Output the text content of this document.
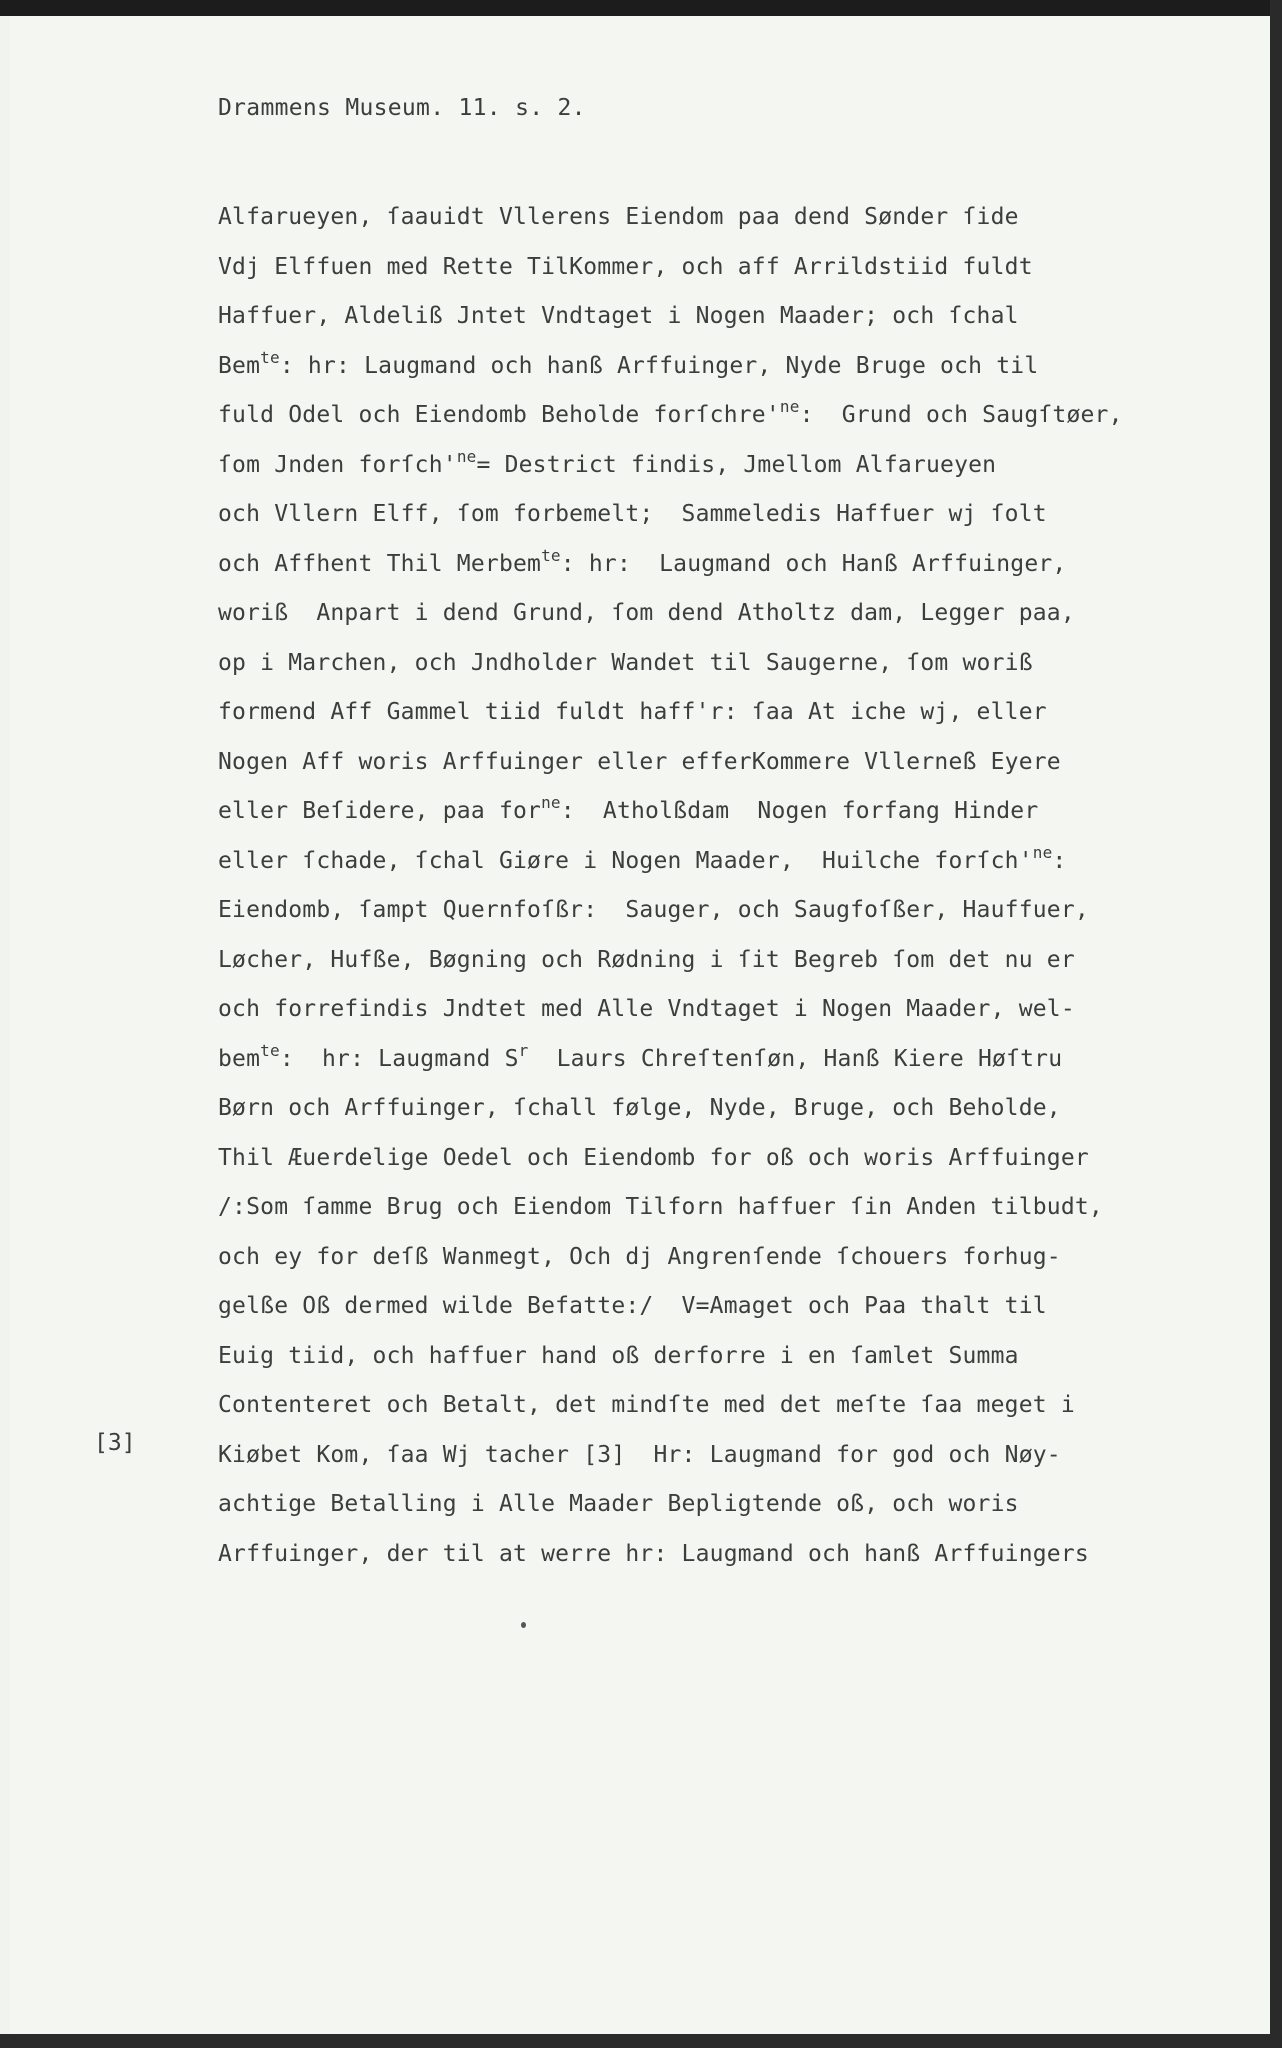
Drammens Museum. 11. s. 2.
[3]
Alfarueyen, ſaauidt Vllerens Eiendom paa dend Sønder ſide
Vdj Elffuen med Rette TilKommer, och aff Arrildstiid fuldt
Haffuer, Aldeliß Jntet Vndtaget i Nogen Maader; och ſchal
Bem$^{te}$: hr: Laugmand och hanß Arffuinger, Nyde Bruge och til
fuld Odel och Eiendomb Beholde $forſchre'^{ne}$:  Grund och Saugſtøer,
ſom Jnden $forſch'^{ne}=$ Destrict findis, Jmellom Alfarueyen
och Vllern Elff, ſom forbemelt;  Sammeledis Haffuer wj ſolt
och Affhent Thil Merbem$^{te}$: hr:  Laugmand och Hanß Arffuinger,
woriß  Anpart i dend Grund, ſom dend Atholtz dam, Legger paa,
op i Marchen, och Jndholder Wandet til Saugerne, ſom woriß
formend Aff Gammel tiid fuldt haff'r: ſaa At iche wj, eller
Nogen Aff woris Arffuinger eller efferKommere Vllerneß Eyere
eller Beſidere, paa for$^{ne}$:  Atholßdam  Nogen forfang Hinder
eller ſchade, ſchal Giøre i Nogen Maader,  Huilche $forſch'^{ne}$:
Eiendomb, ſampt Quernfoſßr:  Sauger, och Saugfoſßer, Hauffuer,
Løcher, Hufße, Bøgning och Rødning i ſit Begreb ſom det nu er
och forrefindis Jndtet med Alle Vndtaget i Nogen Maader, wel-
bem$^{te}$:  hr: Laugmand $S^r$  Laurs Chreſtenſøn, Hanß Kiere Høſtru
Børn och Arffuinger, ſchall følge, Nyde, Bruge, och Beholde,
Thil Æuerdelige Oedel och Eiendomb for oß och woris Arffuinger
/:Som ſamme Brug och Eiendom Tilforn haffuer ſin Anden tilbudt,
och ey for deſß Wanmegt, Och dj Angrenſende ſchouers forhug-
gelße Oß dermed wilde Befatte:/  V=Amaget och Paa thalt til
Euig tiid, och haffuer hand oß derforre i en ſamlet Summa
Contenteret och Betalt, det mindſte med det meſte ſaa meget i
Kiøbet Kom, ſaa Wj tacher [3]  Hr: Laugmand for god och Nøy-
achtige Betalling i Alle Maader Bepligtende oß, och woris
Arffuinger, der til at werre hr: Laugmand och hanß Arffuingers
